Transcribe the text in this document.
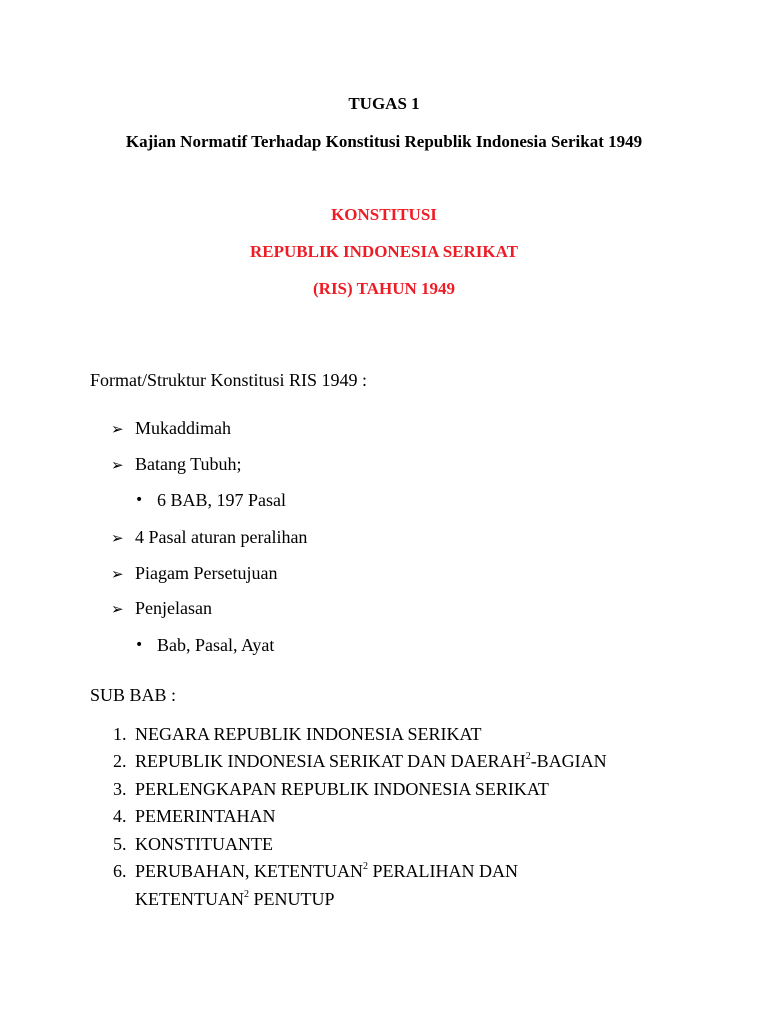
TUGAS 1
Kajian Normatif Terhadap Konstitusi Republik Indonesia Serikat 1949
KONSTITUSI
REPUBLIK INDONESIA SERIKAT
(RIS) TAHUN 1949
Format/Struktur Konstitusi RIS 1949 :
➢ Mukaddimah
➢ Batang Tubuh;
• 6 BAB, 197 Pasal
➢ 4 Pasal aturan peralihan
➢ Piagam Persetujuan
➢ Penjelasan
• Bab, Pasal, Ayat
SUB BAB :
1. NEGARA REPUBLIK INDONESIA SERIKAT
2. REPUBLIK INDONESIA SERIKAT DAN DAERAH$^2$-BAGIAN
3. PERLENGKAPAN REPUBLIK INDONESIA SERIKAT
4. PEMERINTAHAN
5. KONSTITUANTE
6. PERUBAHAN, KETENTUAN$^2$ PERALIHAN DAN
KETENTUAN$^2$ PENUTUP
